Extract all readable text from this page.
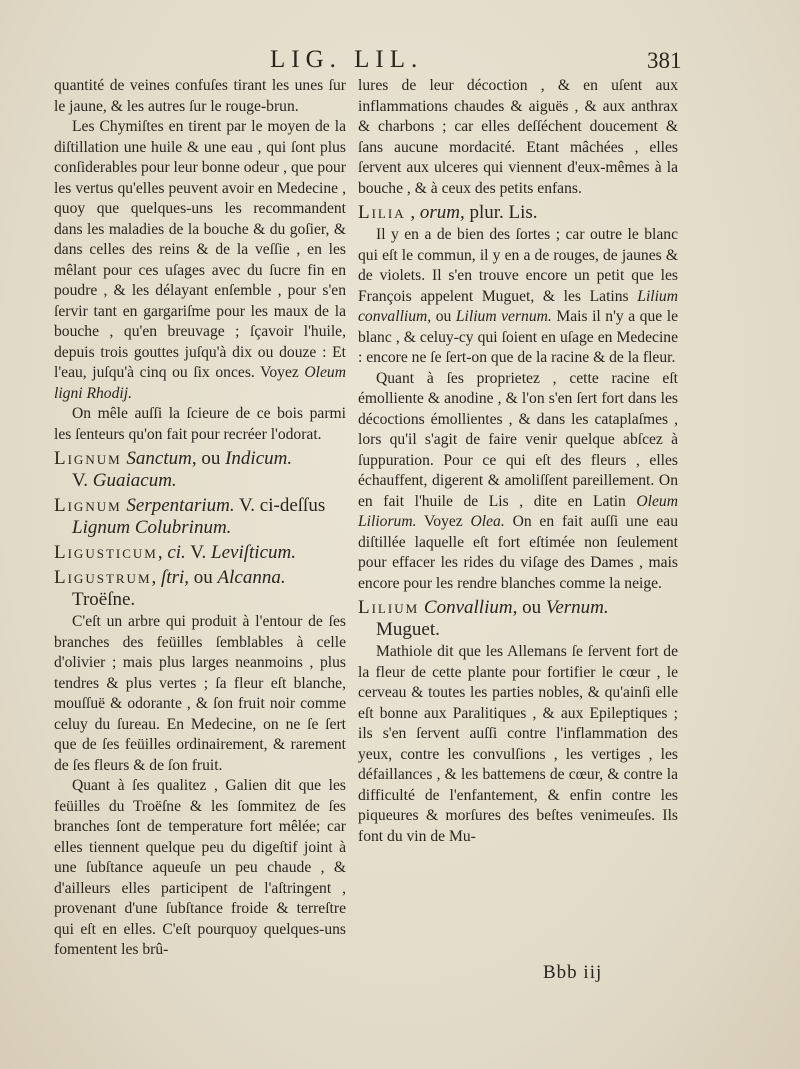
LIG. LIL.	381

quantité de veines confuſes tirant les unes ſur le jaune, & les autres ſur le rouge-brun.

Les Chymiſtes en tirent par le moyen de la diſtillation une huile & une eau , qui ſont plus conſiderables pour leur bonne odeur , que pour les vertus qu'elles peuvent avoir en Medecine , quoy que quelques-uns les recommandent dans les maladies de la bouche & du goſier, & dans celles des reins & de la veſſie , en les mêlant pour ces uſages avec du ſucre fin en poudre , & les délayant enſemble , pour s'en ſervir tant en gargariſme pour les maux de la bouche , qu'en breuvage ; ſçavoir l'huile, depuis trois gouttes juſqu'à dix ou douze : Et l'eau, juſqu'à cinq ou ſix onces. Voyez Oleum ligni Rhodij.

On mêle auſſi la ſcieure de ce bois parmi les ſenteurs qu'on fait pour recréer l'odorat.

Lignum Sanctum, ou Indicum.
V. Guaiacum.
Lignum Serpentarium. V. ci-deſſus
Lignum Colubrinum.
Ligusticum, ci. V. Leviſticum.
Ligustrum, ſtri, ou Alcanna.
Troëſne.

C'eſt un arbre qui produit à l'entour de ſes branches des feüilles ſemblables à celle d'olivier ; mais plus larges neanmoins , plus tendres & plus vertes ; ſa fleur eſt blanche, mouſſuë & odorante , & ſon fruit noir comme celuy du ſureau. En Medecine, on ne ſe ſert que de ſes feüilles ordinairement, & rarement de ſes fleurs & de ſon fruit.

Quant à ſes qualitez , Galien dit que les feüilles du Troëſne & les ſommitez de ſes branches ſont de temperature fort mêlée; car elles tiennent quelque peu du digeſtif joint à une ſubſtance aqueuſe un peu chaude , & d'ailleurs elles participent de l'aſtringent , provenant d'une ſubſtance froide & terreſtre qui eſt en elles. C'eſt pourquoy quelques-uns fomentent les brû-

lures de leur décoction , & en uſent aux inflammations chaudes & aiguës , & aux anthrax & charbons ; car elles deſſéchent doucement & ſans aucune mordacité. Etant mâchées , elles ſervent aux ulceres qui viennent d'eux-mêmes à la bouche , & à ceux des petits enfans.

Lilia , orum, plur. Lis.

Il y en a de bien des ſortes ; car outre le blanc qui eſt le commun, il y en a de rouges, de jaunes & de violets. Il s'en trouve encore un petit que les François appelent Muguet, & les Latins Lilium convallium, ou Lilium vernum. Mais il n'y a que le blanc , & celuy-cy qui ſoient en uſage en Medecine : encore ne ſe ſert-on que de la racine & de la fleur.

Quant à ſes proprietez , cette racine eſt émolliente & anodine , & l'on s'en ſert fort dans les décoctions émollientes , & dans les cataplaſmes , lors qu'il s'agit de faire venir quelque abſcez à ſuppuration. Pour ce qui eſt des fleurs , elles échauffent, digerent & amoliſſent pareillement. On en fait l'huile de Lis , dite en Latin Oleum Liliorum. Voyez Olea. On en fait auſſi une eau diſtillée laquelle eſt fort eſtimée non ſeulement pour effacer les rides du viſage des Dames , mais encore pour les rendre blanches comme la neige.

Lilium Convallium, ou Vernum.
Muguet.

Mathiole dit que les Allemans ſe ſervent fort de la fleur de cette plante pour fortifier le cœur , le cerveau & toutes les parties nobles, & qu'ainſi elle eſt bonne aux Paralitiques , & aux Epileptiques ; ils s'en ſervent auſſi contre l'inflammation des yeux, contre les convulſions , les vertiges , les défaillances , & les battemens de cœur, & contre la difficulté de l'enfantement, & enfin contre les piqueures & morſures des beſtes venimeuſes. Ils font du vin de Mu-

Bbb iij
